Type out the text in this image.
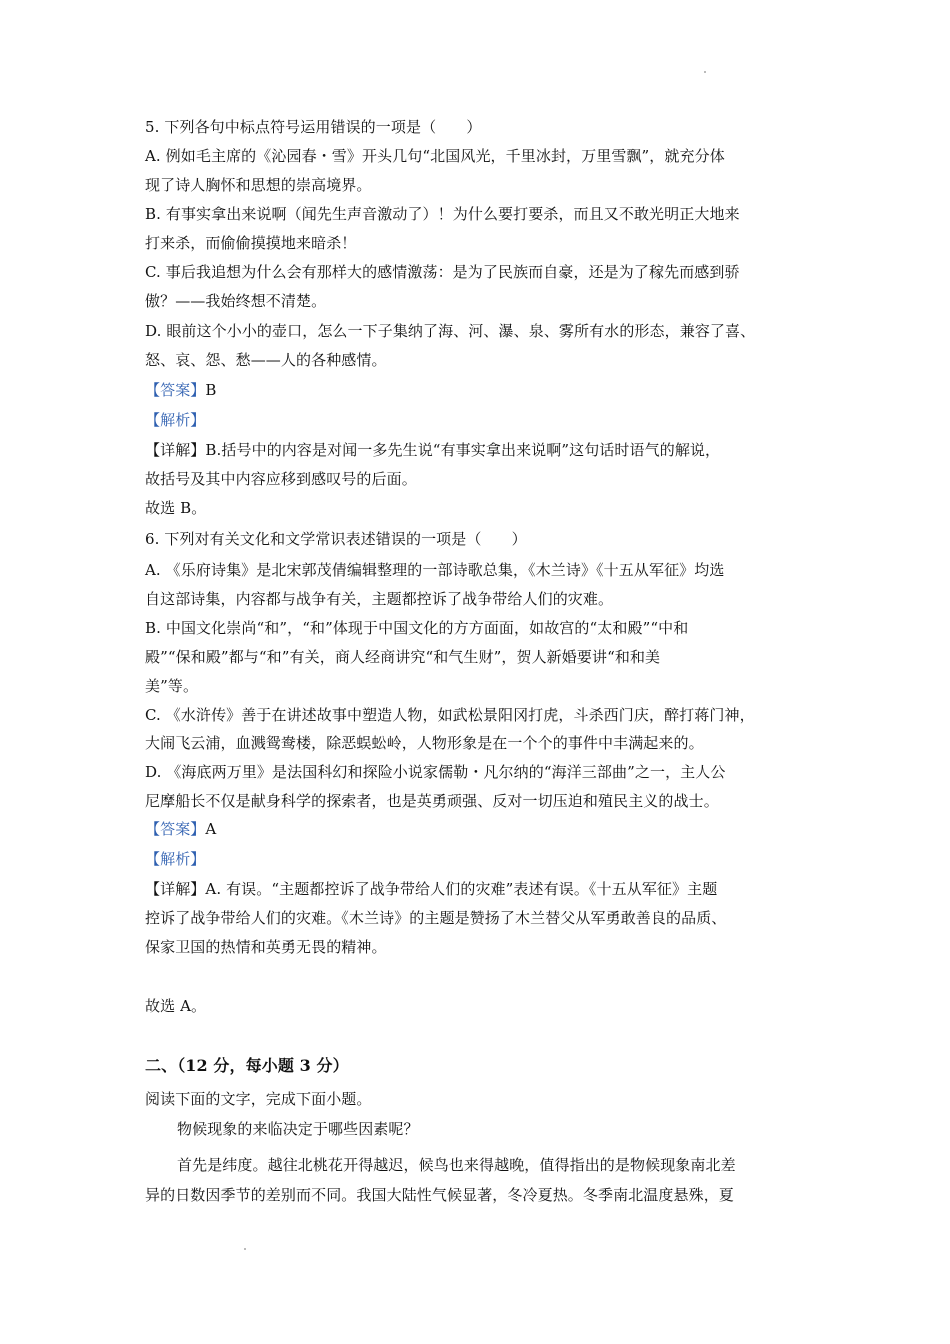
5. 下列各句中标点符号运用错误的一项是（　　）
A. 例如毛主席的《沁园春・雪》开头几句“北国风光，千里冰封，万里雪飘”，就充分体
现了诗人胸怀和思想的崇高境界。
B. 有事实拿出来说啊（闻先生声音激动了）！为什么要打要杀，而且又不敢光明正大地来
打来杀，而偷偷摸摸地来暗杀！
C. 事后我追想为什么会有那样大的感情激荡：是为了民族而自豪，还是为了稼先而感到骄
傲？——我始终想不清楚。
D. 眼前这个小小的壶口，怎么一下子集纳了海、河、瀑、泉、雾所有水的形态，兼容了喜、
怒、哀、怨、愁——人的各种感情。
【答案】B
【解析】
【详解】B.括号中的内容是对闻一多先生说“有事实拿出来说啊”这句话时语气的解说，
故括号及其中内容应移到感叹号的后面。
故选 B。
6. 下列对有关文化和文学常识表述错误的一项是（　　）
A. 《乐府诗集》是北宋郭茂倩编辑整理的一部诗歌总集，《木兰诗》《十五从军征》均选
自这部诗集，内容都与战争有关，主题都控诉了战争带给人们的灾难。
B. 中国文化崇尚“和”，“和”体现于中国文化的方方面面，如故宫的“太和殿”“中和
殿”“保和殿”都与“和”有关，商人经商讲究“和气生财”，贺人新婚要讲“和和美
美”等。
C. 《水浒传》善于在讲述故事中塑造人物，如武松景阳冈打虎，斗杀西门庆，醉打蒋门神，
大闹飞云浦，血溅鸳鸯楼，除恶蜈蚣岭，人物形象是在一个个的事件中丰满起来的。
D. 《海底两万里》是法国科幻和探险小说家儒勒・凡尔纳的“海洋三部曲”之一，主人公
尼摩船长不仅是献身科学的探索者，也是英勇顽强、反对一切压迫和殖民主义的战士。
【答案】A
【解析】
【详解】A. 有误。“主题都控诉了战争带给人们的灾难”表述有误。《十五从军征》主题
控诉了战争带给人们的灾难。《木兰诗》的主题是赞扬了木兰替父从军勇敢善良的品质、
保家卫国的热情和英勇无畏的精神。
故选 A。
二、（12 分，每小题 3 分）
阅读下面的文字，完成下面小题。
物候现象的来临决定于哪些因素呢？
首先是纬度。越往北桃花开得越迟，候鸟也来得越晚，值得指出的是物候现象南北差
异的日数因季节的差别而不同。我国大陆性气候显著，冬冷夏热。冬季南北温度悬殊，夏
